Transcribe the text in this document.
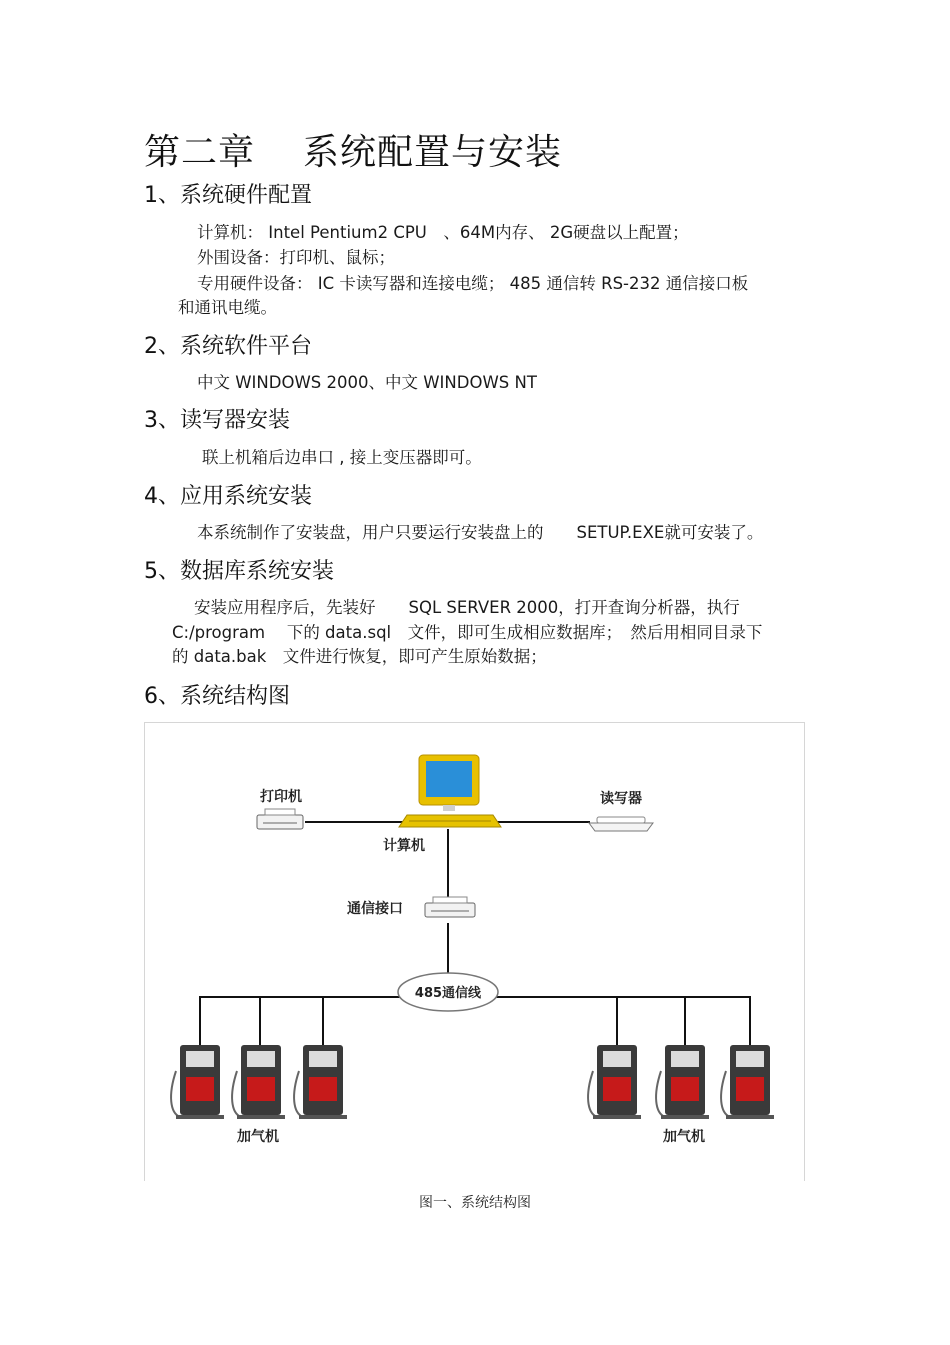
第二章 系统配置与安装
1、系统硬件配置
计算机： Intel Pentium2 CPU　、64M内存、 2G硬盘以上配置；
外围设备：打印机、鼠标；
专用硬件设备： IC 卡读写器和连接电缆； 485 通信转 RS-232 通信接口板
和通讯电缆。
2、系统软件平台
中文 WINDOWS 2000、中文 WINDOWS NT
3、读写器安装
联上机箱后边串口 , 接上变压器即可。
4、应用系统安装
本系统制作了安装盘，用户只要运行安装盘上的　　SETUP.EXE就可安装了。
5、数据库系统安装
安装应用程序后，先装好　　SQL SERVER 2000，打开查询分析器，执行
C:/program　 下的 data.sql　文件，即可生成相应数据库；　然后用相同目录下
的 data.bak　文件进行恢复，即可产生原始数据；
6、系统结构图
计算机
打印机	读写器
通信接口
485通信线
加气机	加气机
图一、系统结构图
